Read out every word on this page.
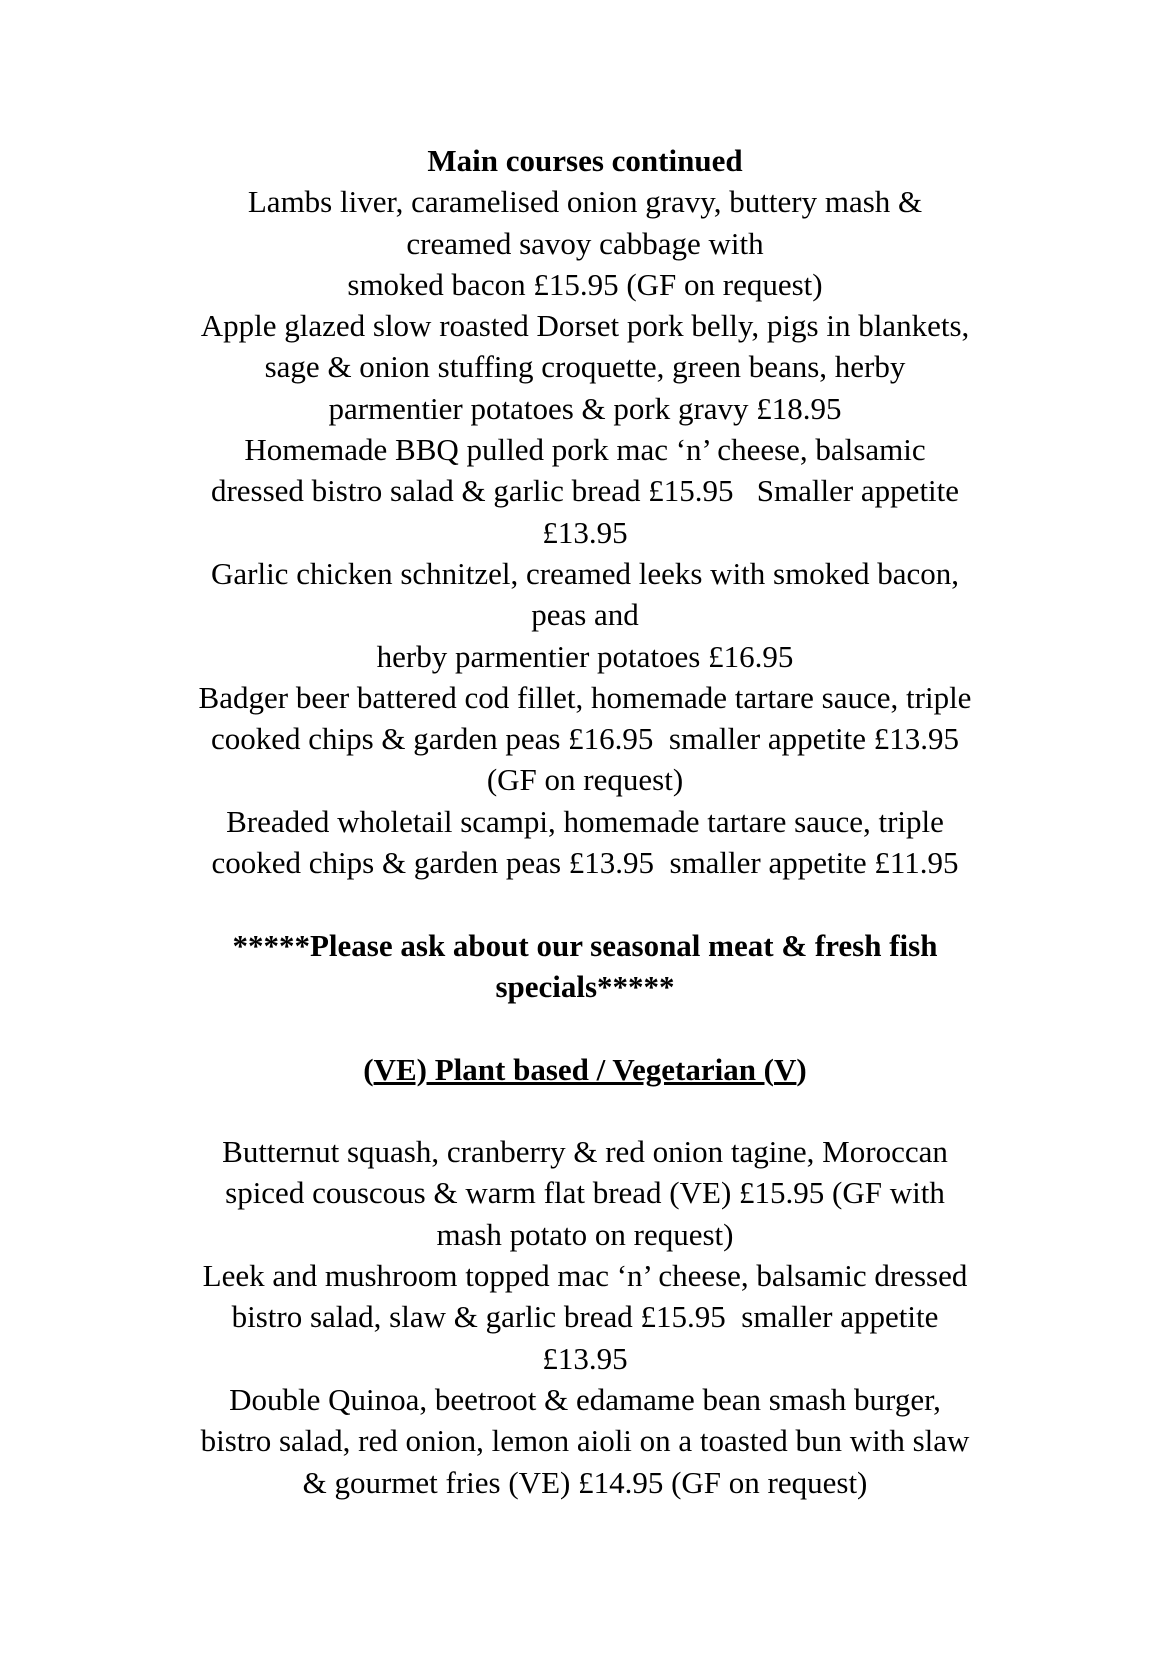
Main courses continued
Lambs liver, caramelised onion gravy, buttery mash &
creamed savoy cabbage with
smoked bacon £15.95 (GF on request)
Apple glazed slow roasted Dorset pork belly, pigs in blankets,
sage & onion stuffing croquette, green beans, herby
parmentier potatoes & pork gravy £18.95
Homemade BBQ pulled pork mac ‘n’ cheese, balsamic
dressed bistro salad & garlic bread £15.95   Smaller appetite
£13.95
Garlic chicken schnitzel, creamed leeks with smoked bacon,
peas and
herby parmentier potatoes £16.95
Badger beer battered cod fillet, homemade tartare sauce, triple
cooked chips & garden peas £16.95  smaller appetite £13.95
(GF on request)
Breaded wholetail scampi, homemade tartare sauce, triple
cooked chips & garden peas £13.95  smaller appetite £11.95
*****Please ask about our seasonal meat & fresh fish
specials*****
(VE) Plant based / Vegetarian (V)
Butternut squash, cranberry & red onion tagine, Moroccan
spiced couscous & warm flat bread (VE) £15.95 (GF with
mash potato on request)
Leek and mushroom topped mac ‘n’ cheese, balsamic dressed
bistro salad, slaw & garlic bread £15.95  smaller appetite
£13.95
Double Quinoa, beetroot & edamame bean smash burger,
bistro salad, red onion, lemon aioli on a toasted bun with slaw
& gourmet fries (VE) £14.95 (GF on request)
